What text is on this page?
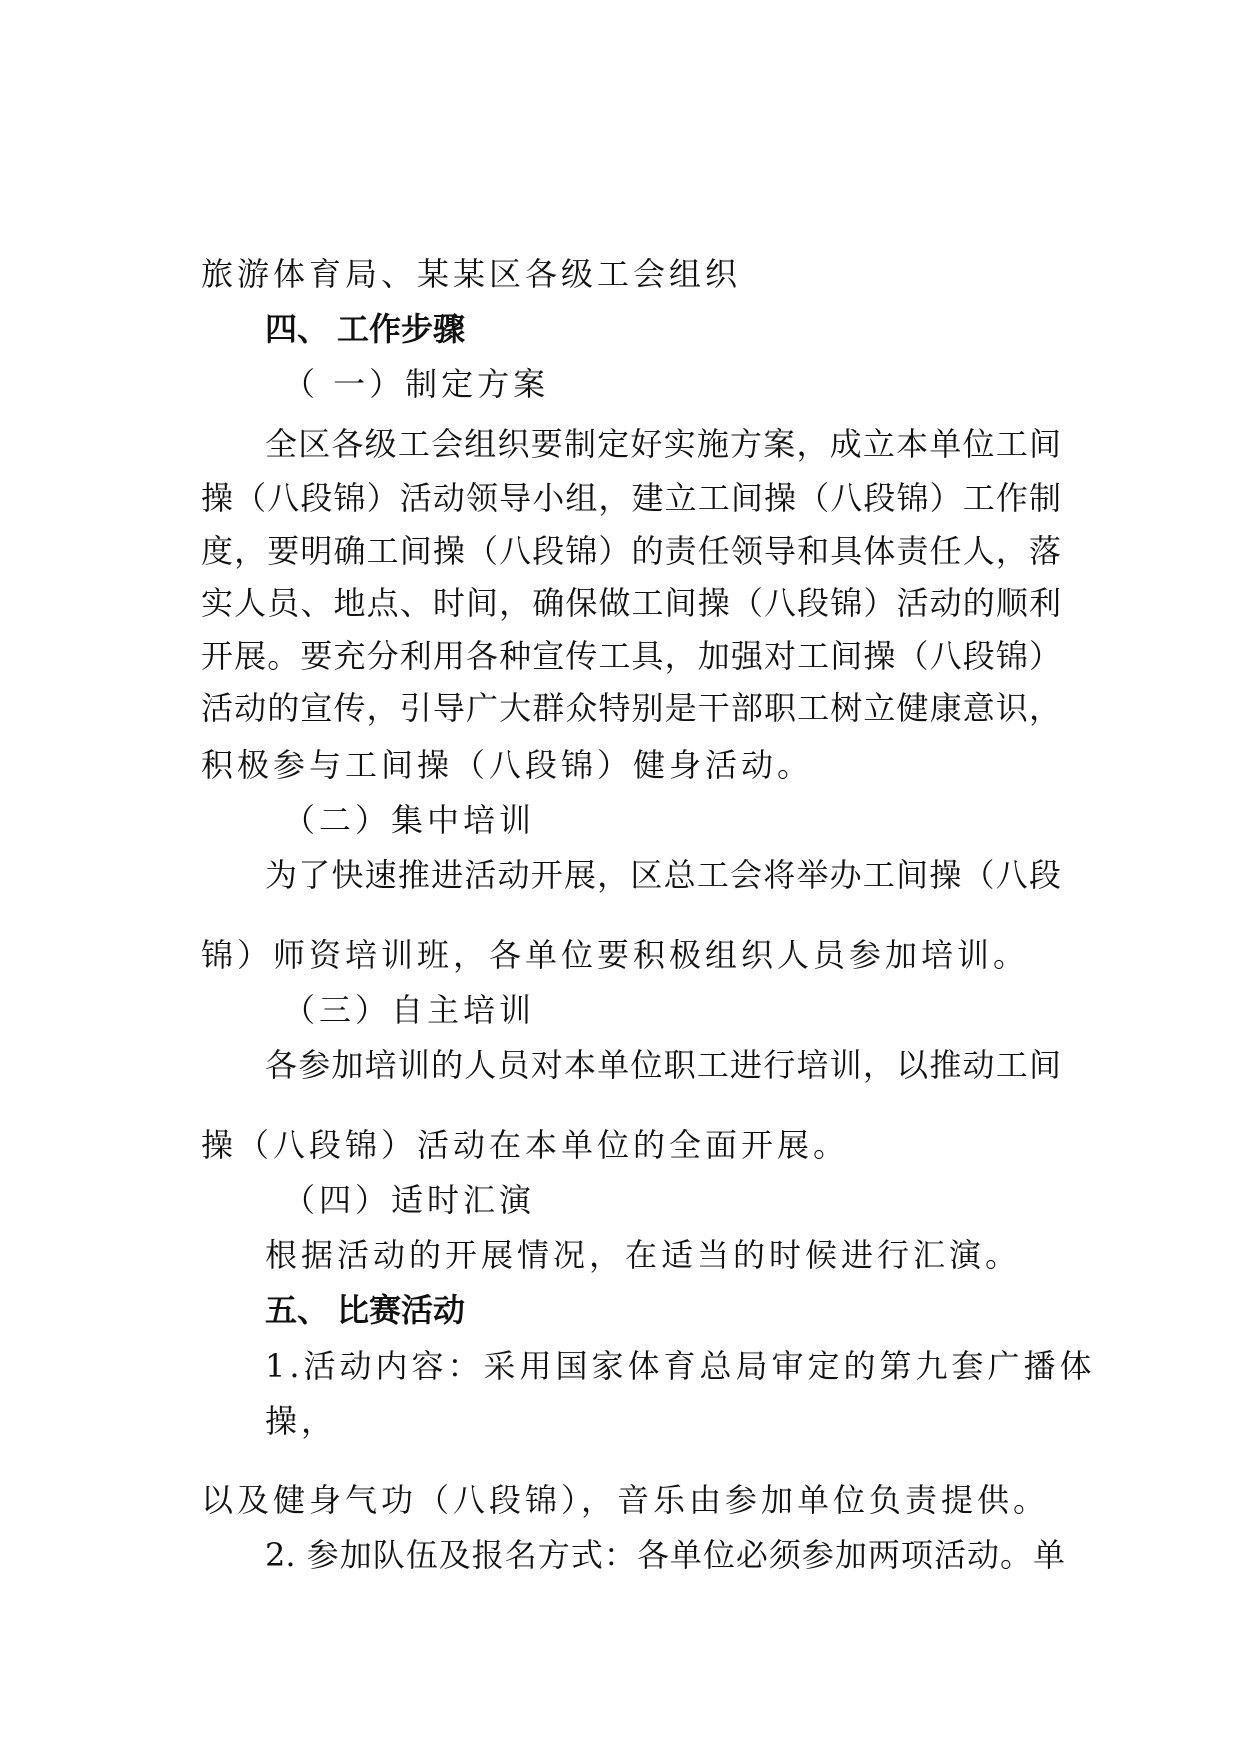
旅游体育局、某某区各级工会组织
四、 工作步骤
（ 一）制定方案
全区各级工会组织要制定好实施方案，成立本单位工间
操（八段锦）活动领导小组，建立工间操（八段锦）工作制
度，要明确工间操（八段锦）的责任领导和具体责任人，落
实人员、地点、时间，确保做工间操（八段锦）活动的顺利
开展。要充分利用各种宣传工具，加强对工间操（八段锦）
活动的宣传，引导广大群众特别是干部职工树立健康意识，
积极参与工间操（八段锦）健身活动。
（二）集中培训
为了快速推进活动开展，区总工会将举办工间操（八段
锦）师资培训班，各单位要积极组织人员参加培训。
（三）自主培训
各参加培训的人员对本单位职工进行培训，以推动工间
操（八段锦）活动在本单位的全面开展。
（四）适时汇演
根据活动的开展情况，在适当的时候进行汇演。
五、 比赛活动
1.活动内容：采用国家体育总局审定的第九套广播体
操，
以及健身气功（八段锦），音乐由参加单位负责提供。
2. 参加队伍及报名方式：各单位必须参加两项活动。单
